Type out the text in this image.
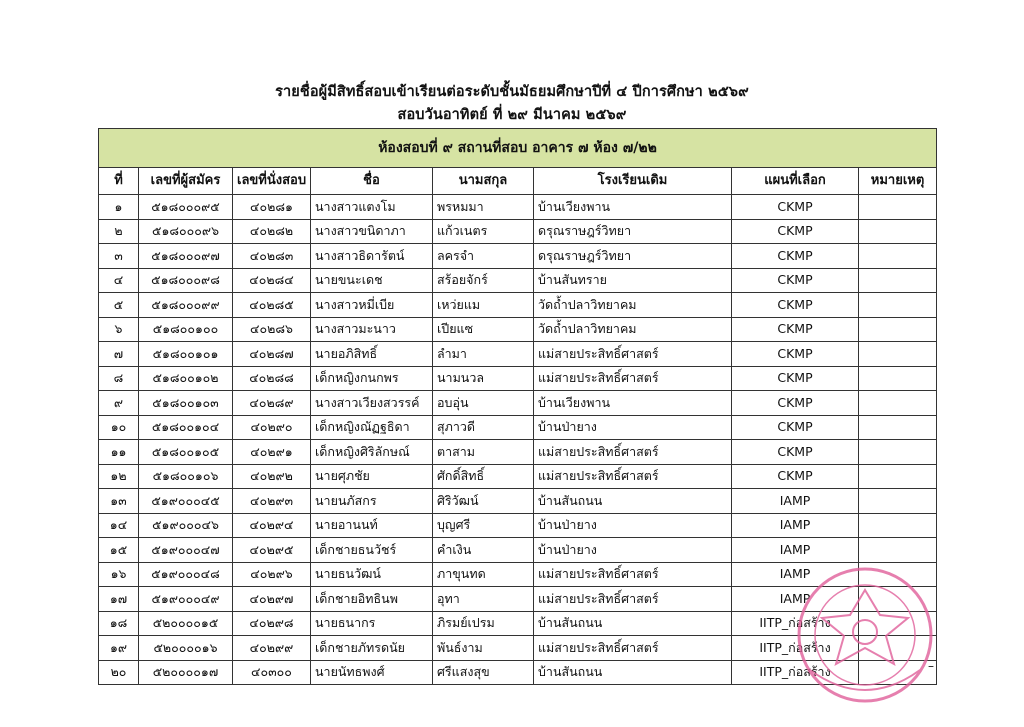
รายชื่อผู้มีสิทธิ์สอบเข้าเรียนต่อระดับชั้นมัธยมศึกษาปีที่ ๔ ปีการศึกษา ๒๕๖๙
สอบวันอาทิตย์ ที่ ๒๙ มีนาคม ๒๕๖๙
ห้องสอบที่ ๙ สถานที่สอบ อาคาร ๗ ห้อง ๗/๒๒							
ที่	เลขที่ผู้สมัคร	เลขที่นั่งสอบ	ชื่อ	นามสกุล	โรงเรียนเดิม	แผนที่เลือก	หมายเหตุ
๑	๕๑๘๐๐๐๙๕	๔๐๒๘๑	นางสาวแตงโม	พรหมมา	บ้านเวียงพาน	CKMP	
๒	๕๑๘๐๐๐๙๖	๔๐๒๘๒	นางสาวขนิดาภา	แก้วเนตร	ดรุณราษฎร์วิทยา	CKMP	
๓	๕๑๘๐๐๐๙๗	๔๐๒๘๓	นางสาวธิดารัตน์	ลครจำ	ดรุณราษฎร์วิทยา	CKMP	
๔	๕๑๘๐๐๐๙๘	๔๐๒๘๔	นายขนะเดช	สร้อยจักร์	บ้านสันทราย	CKMP	
๕	๕๑๘๐๐๐๙๙	๔๐๒๘๕	นางสาวหมี่เบีย	เหว่ยแม	วัดถ้ำปลาวิทยาคม	CKMP	
๖	๕๑๘๐๐๑๐๐	๔๐๒๘๖	นางสาวมะนาว	เปียแซ	วัดถ้ำปลาวิทยาคม	CKMP	
๗	๕๑๘๐๐๑๐๑	๔๐๒๘๗	นายอภิสิทธิ์	ลำมา	แม่สายประสิทธิ์ศาสตร์	CKMP	
๘	๕๑๘๐๐๑๐๒	๔๐๒๘๘	เด็กหญิงกนกพร	นามนวล	แม่สายประสิทธิ์ศาสตร์	CKMP	
๙	๕๑๘๐๐๑๐๓	๔๐๒๘๙	นางสาวเวียงสวรรค์	อบอุ่น	บ้านเวียงพาน	CKMP	
๑๐	๕๑๘๐๐๑๐๔	๔๐๒๙๐	เด็กหญิงณัฏฐธิดา	สุภาวดี	บ้านป่ายาง	CKMP	
๑๑	๕๑๘๐๐๑๐๕	๔๐๒๙๑	เด็กหญิงศิริลักษณ์	ตาสาม	แม่สายประสิทธิ์ศาสตร์	CKMP	
๑๒	๕๑๘๐๐๑๐๖	๔๐๒๙๒	นายศุภชัย	ศักดิ์สิทธิ์	แม่สายประสิทธิ์ศาสตร์	CKMP	
๑๓	๕๑๙๐๐๐๔๕	๔๐๒๙๓	นายนภัสกร	ศิริวัฒน์	บ้านสันถนน	IAMP	
๑๔	๕๑๙๐๐๐๔๖	๔๐๒๙๔	นายอานนท์	บุญศรี	บ้านป่ายาง	IAMP	
๑๕	๕๑๙๐๐๐๔๗	๔๐๒๙๕	เด็กชายธนวัชร์	คำเงิน	บ้านป่ายาง	IAMP	
๑๖	๕๑๙๐๐๐๔๘	๔๐๒๙๖	นายธนวัฒน์	ภาขุนทด	แม่สายประสิทธิ์ศาสตร์	IAMP	
๑๗	๕๑๙๐๐๐๔๙	๔๐๒๙๗	เด็กชายอิทธินพ	อุทา	แม่สายประสิทธิ์ศาสตร์	IAMP	
๑๘	๕๒๐๐๐๐๑๕	๔๐๒๙๘	นายธนากร	ภิรมย์เปรม	บ้านสันถนน	IITP_ก่อสร้าง	
๑๙	๕๒๐๐๐๐๑๖	๔๐๒๙๙	เด็กชายภัทรดนัย	พันธ์งาม	แม่สายประสิทธิ์ศาสตร์	IITP_ก่อสร้าง	
๒๐	๕๒๐๐๐๐๑๗	๔๐๓๐๐	นายนัทธพงศ์	ศรีแสงสุข	บ้านสันถนน	IITP_ก่อสร้าง		–
